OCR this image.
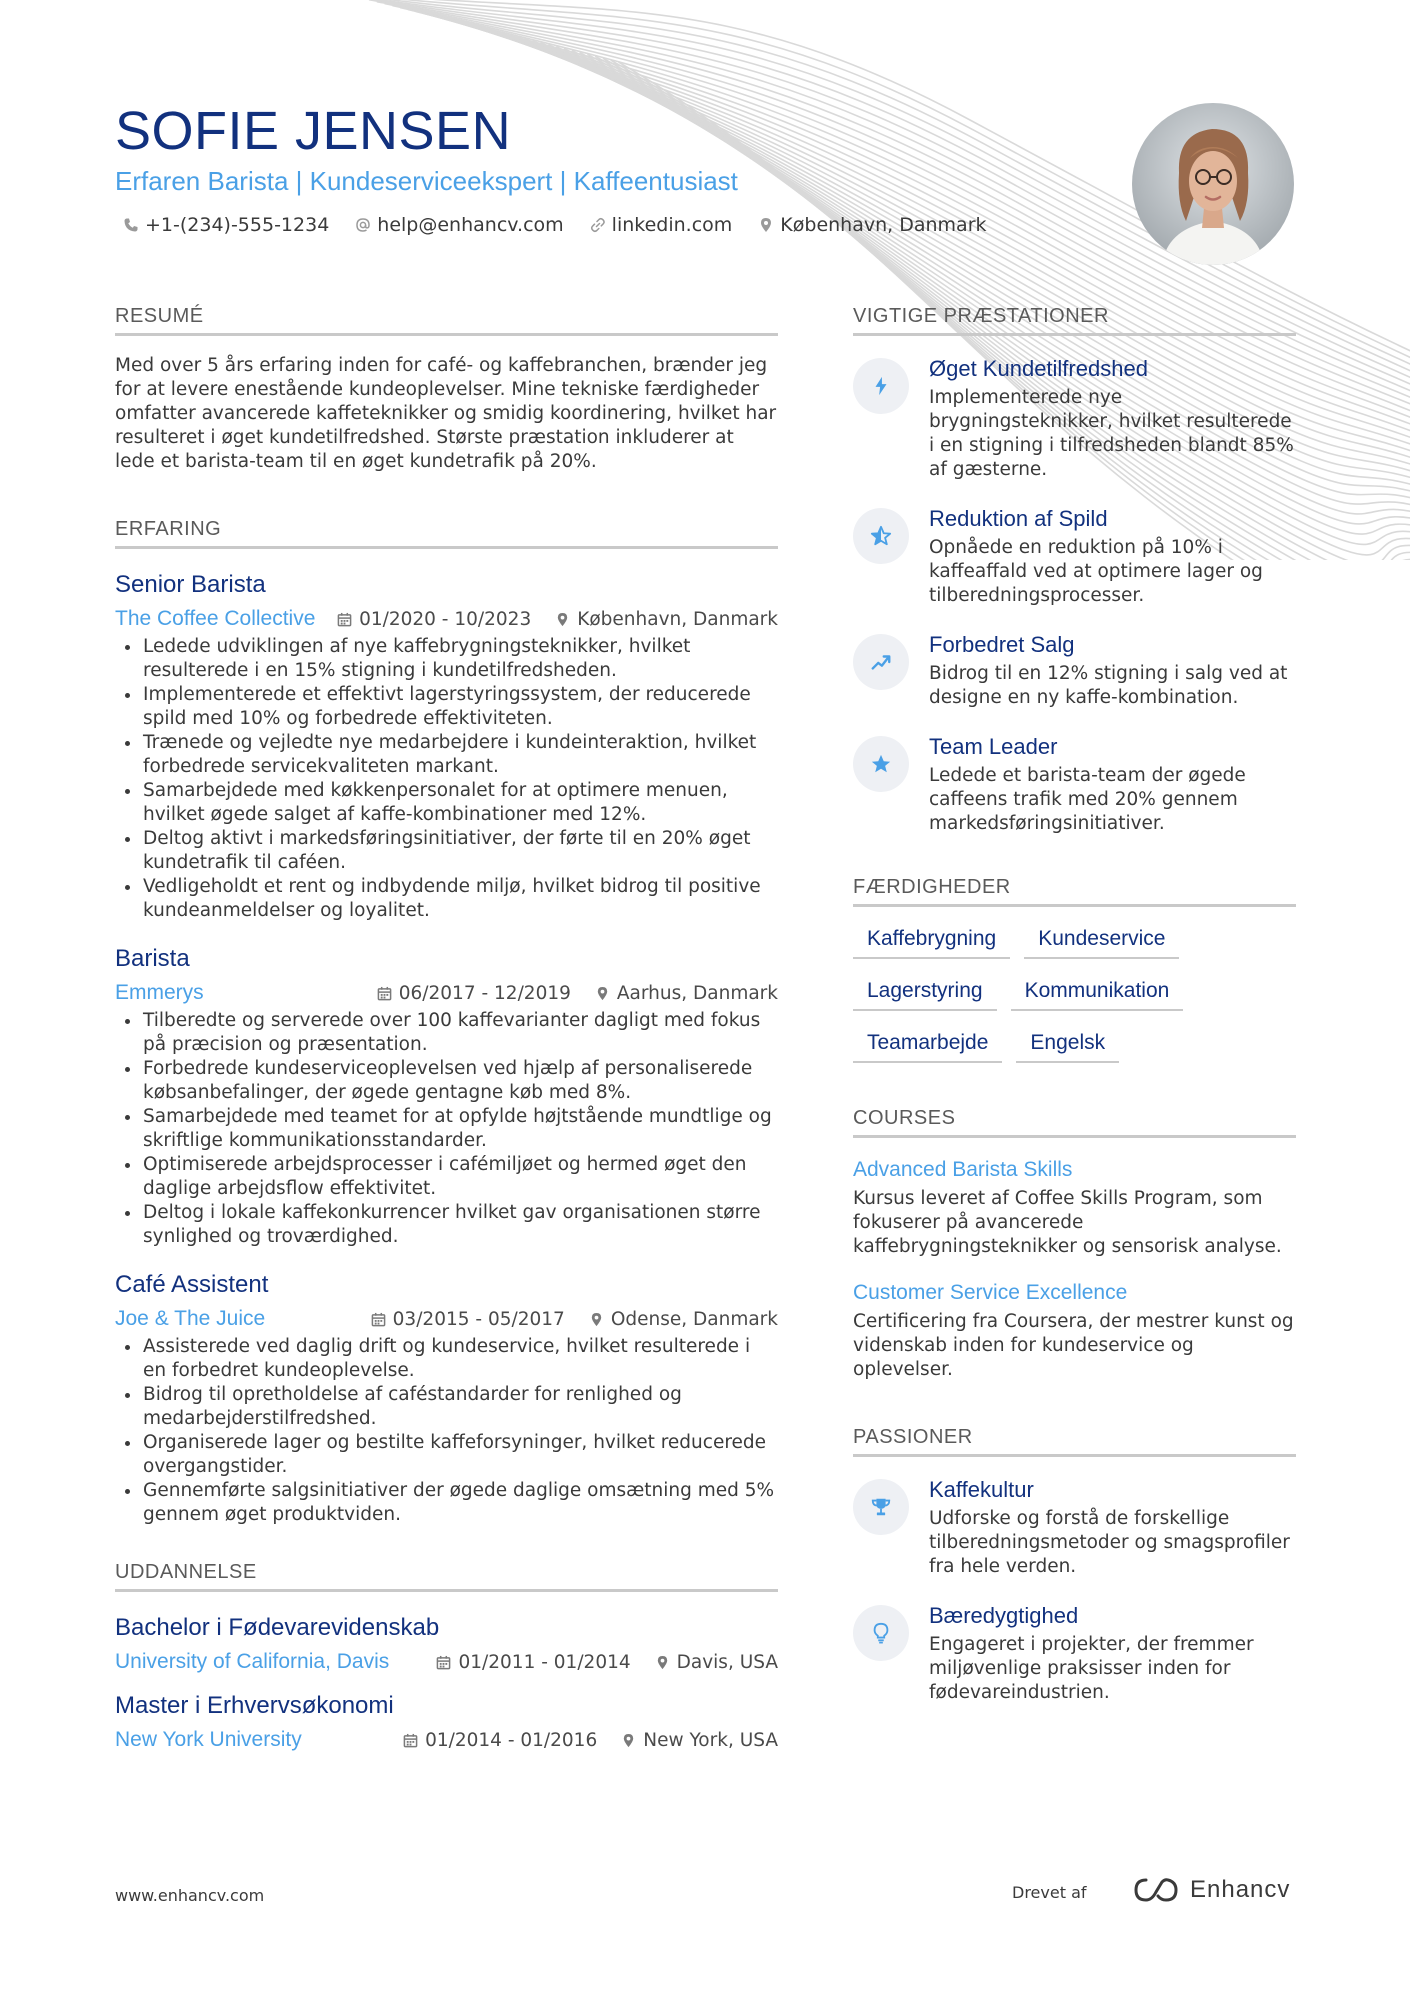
SOFIE JENSEN
Erfaren Barista | Kundeserviceekspert | Kaffeentusiast
+1-(234)-555-1234	help@enhancv.com	linkedin.com	København, Danmark
RESUMÉ

Med over 5 års erfaring inden for café- og kaffebranchen, brænder jeg for at levere enestående kundeoplevelser. Mine tekniske færdigheder omfatter avancerede kaffeteknikker og smidig koordinering, hvilket har resulteret i øget kundetilfredshed. Største præstation inkluderer at lede et barista-team til en øget kundetrafik på 20%.

ERFARING
Senior Barista
The Coffee Collective 01/2020 - 10/2023 København, Danmark
Ledede udviklingen af nye kaffebrygningsteknikker, hvilket resulterede i en 15% stigning i kundetilfredsheden.
Implementerede et effektivt lagerstyringssystem, der reducerede spild med 10% og forbedrede effektiviteten.
Trænede og vejledte nye medarbejdere i kundeinteraktion, hvilket forbedrede servicekvaliteten markant.
Samarbejdede med køkkenpersonalet for at optimere menuen, hvilket øgede salget af kaffe-kombinationer med 12%.
Deltog aktivt i markedsføringsinitiativer, der førte til en 20% øget kundetrafik til caféen.
Vedligeholdt et rent og indbydende miljø, hvilket bidrog til positive kundeanmeldelser og loyalitet.
Barista
Emmerys	06/2017 - 12/2019 Aarhus, Danmark
Tilberedte og serverede over 100 kaffevarianter dagligt med fokus på præcision og præsentation.
Forbedrede kundeserviceoplevelsen ved hjælp af personaliserede købsanbefalinger, der øgede gentagne køb med 8%.
Samarbejdede med teamet for at opfylde højtstående mundtlige og skriftlige kommunikationsstandarder.
Optimiserede arbejdsprocesser i cafémiljøet og hermed øget den daglige arbejdsflow effektivitet.
Deltog i lokale kaffekonkurrencer hvilket gav organisationen større synlighed og troværdighed.
Café Assistent
Joe & The Juice	03/2015 - 05/2017 Odense, Danmark
Assisterede ved daglig drift og kundeservice, hvilket resulterede i en forbedret kundeoplevelse.
Bidrog til opretholdelse af caféstandarder for renlighed og medarbejderstilfredshed.
Organiserede lager og bestilte kaffeforsyninger, hvilket reducerede overgangstider.
Gennemførte salgsinitiativer der øgede daglige omsætning med 5% gennem øget produktviden.
UDDANNELSE
Bachelor i Fødevarevidenskab
University of California, Davis	01/2011 - 01/2014 Davis, USA
Master i Erhvervsøkonomi
New York University	01/2014 - 01/2016 New York, USA
VIGTIGE PRÆSTATIONER
Øget Kundetilfredshed
Implementerede nye brygningsteknikker, hvilket resulterede i en stigning i tilfredsheden blandt 85% af gæsterne.
Reduktion af Spild
Opnåede en reduktion på 10% i kaffeaffald ved at optimere lager og tilberedningsprocesser.
Forbedret Salg
Bidrog til en 12% stigning i salg ved at designe en ny kaffe-kombination.
Team Leader
Ledede et barista-team der øgede caffeens trafik med 20% gennem markedsføringsinitiativer.
FÆRDIGHEDER
Kaffebrygning	Kundeservice
Lagerstyring	Kommunikation
Teamarbejde	Engelsk
COURSES
Advanced Barista Skills
Kursus leveret af Coffee Skills Program, som fokuserer på avancerede kaffebrygningsteknikker og sensorisk analyse.
Customer Service Excellence
Certificering fra Coursera, der mestrer kunst og videnskab inden for kundeservice og oplevelser.
PASSIONER
Kaffekultur
Udforske og forstå de forskellige tilberedningsmetoder og smagsprofiler fra hele verden.
Bæredygtighed
Engageret i projekter, der fremmer miljøvenlige praksisser inden for fødevareindustrien.
www.enhancv.com	Drevet af	Enhancv
